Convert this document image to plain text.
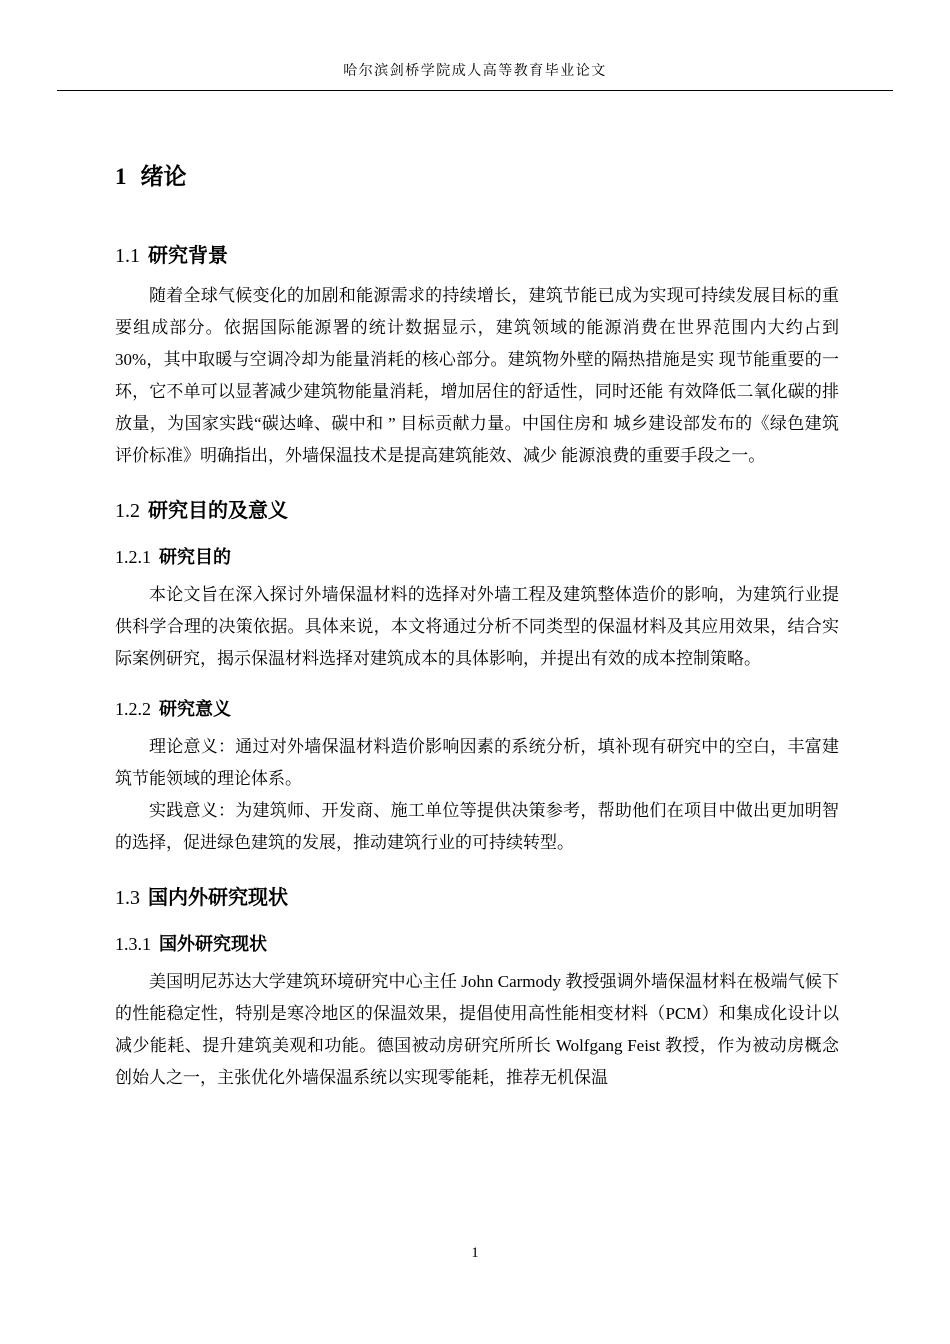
哈尔滨剑桥学院成人高等教育毕业论文
1 绪论
1.1 研究背景

随着全球气候变化的加剧和能源需求的持续增长，建筑节能已成为实现可持续发展目标的重要组成部分。依据国际能源署的统计数据显示，建筑领域的能源消费在世界范围内大约占到 30%，其中取暖与空调冷却为能量消耗的核心部分。建筑物外壁的隔热措施是实 现节能重要的一环，它不单可以显著减少建筑物能量消耗，增加居住的舒适性，同时还能 有效降低二氧化碳的排放量，为国家实践“碳达峰、碳中和 ” 目标贡献力量。中国住房和 城乡建设部发布的《绿色建筑评价标准》明确指出，外墙保温技术是提高建筑能效、减少 能源浪费的重要手段之一。

1.2 研究目的及意义
1.2.1 研究目的

本论文旨在深入探讨外墙保温材料的选择对外墙工程及建筑整体造价的影响，为建筑行业提供科学合理的决策依据。具体来说，本文将通过分析不同类型的保温材料及其应用效果，结合实际案例研究，揭示保温材料选择对建筑成本的具体影响，并提出有效的成本控制策略。

1.2.2 研究意义

理论意义：通过对外墙保温材料造价影响因素的系统分析，填补现有研究中的空白，丰富建筑节能领域的理论体系。

实践意义：为建筑师、开发商、施工单位等提供决策参考，帮助他们在项目中做出更加明智的选择，促进绿色建筑的发展，推动建筑行业的可持续转型。

1.3 国内外研究现状
1.3.1 国外研究现状

美国明尼苏达大学建筑环境研究中心主任 John Carmody 教授强调外墙保温材料在极端气候下的性能稳定性，特别是寒冷地区的保温效果，提倡使用高性能相变材料（PCM）和集成化设计以减少能耗、提升建筑美观和功能。德国被动房研究所所长 Wolfgang Feist 教授，作为被动房概念创始人之一，主张优化外墙保温系统以实现零能耗，推荐无机保温

1
